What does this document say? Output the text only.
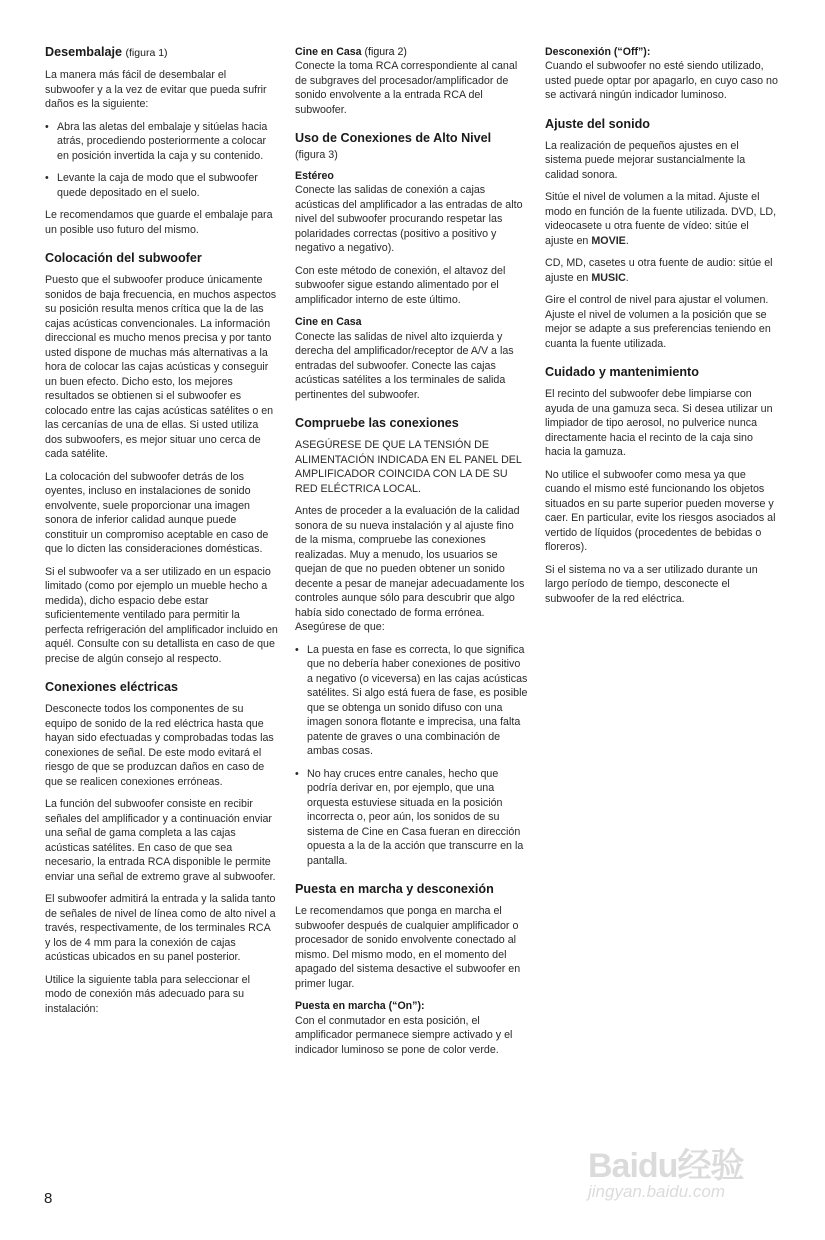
Desembalaje (figura 1)

La manera más fácil de desembalar el subwoofer y a la vez de evitar que pueda sufrir daños es la siguiente:

• Abra las aletas del embalaje y sitúelas hacia atrás, procediendo posteriormente a colocar en posición invertida la caja y su contenido.
• Levante la caja de modo que el subwoofer quede depositado en el suelo.

Le recomendamos que guarde el embalaje para un posible uso futuro del mismo.

Colocación del subwoofer

Puesto que el subwoofer produce únicamente sonidos de baja frecuencia, en muchos aspectos su posición resulta menos crítica que la de las cajas acústicas convencionales. La información direccional es mucho menos precisa y por tanto usted dispone de muchas más alternativas a la hora de colocar las cajas acústicas y conseguir un buen efecto. Dicho esto, los mejores resultados se obtienen si el subwoofer es colocado entre las cajas acústicas satélites o en las cercanías de una de ellas. Si usted utiliza dos subwoofers, es mejor situar uno cerca de cada satélite.

La colocación del subwoofer detrás de los oyentes, incluso en instalaciones de sonido envolvente, suele proporcionar una imagen sonora de inferior calidad aunque puede constituir un compromiso aceptable en caso de que lo dicten las consideraciones domésticas.

Si el subwoofer va a ser utilizado en un espacio limitado (como por ejemplo un mueble hecho a medida), dicho espacio debe estar suficientemente ventilado para permitir la perfecta refrigeración del amplificador incluido en aquél. Consulte con su detallista en caso de que precise de algún consejo al respecto.

Conexiones eléctricas

Desconecte todos los componentes de su equipo de sonido de la red eléctrica hasta que hayan sido efectuadas y comprobadas todas las conexiones de señal. De este modo evitará el riesgo de que se produzcan daños en caso de que se realicen conexiones erróneas.

La función del subwoofer consiste en recibir señales del amplificador y a continuación enviar una señal de gama completa a las cajas acústicas satélites. En caso de que sea necesario, la entrada RCA disponible le permite enviar una señal de extremo grave al subwoofer.

El subwoofer admitirá la entrada y la salida tanto de señales de nivel de línea como de alto nivel a través, respectivamente, de los terminales RCA y los de 4 mm para la conexión de cajas acústicas ubicados en su panel posterior.

Utilice la siguiente tabla para seleccionar el modo de conexión más adecuado para su instalación:

Cine en Casa (figura 2)

Conecte la toma RCA correspondiente al canal de subgraves del procesador/amplificador de sonido envolvente a la entrada RCA del subwoofer.

Uso de Conexiones de Alto Nivel

(figura 3)

Estéreo

Conecte las salidas de conexión a cajas acústicas del amplificador a las entradas de alto nivel del subwoofer procurando respetar las polaridades correctas (positivo a positivo y negativo a negativo).

Con este método de conexión, el altavoz del subwoofer sigue estando alimentado por el amplificador interno de este último.

Cine en Casa

Conecte las salidas de nivel alto izquierda y derecha del amplificador/receptor de A/V a las entradas del subwoofer. Conecte las cajas acústicas satélites a los terminales de salida pertinentes del subwoofer.

Compruebe las conexiones

ASEGÚRESE DE QUE LA TENSIÓN DE ALIMENTACIÓN INDICADA EN EL PANEL DEL AMPLIFICADOR COINCIDA CON LA DE SU RED ELÉCTRICA LOCAL.

Antes de proceder a la evaluación de la calidad sonora de su nueva instalación y al ajuste fino de la misma, compruebe las conexiones realizadas. Muy a menudo, los usuarios se quejan de que no pueden obtener un sonido decente a pesar de manejar adecuadamente los controles aunque sólo para descubrir que algo había sido conectado de forma errónea. Asegúrese de que:

• La puesta en fase es correcta, lo que significa que no debería haber conexiones de positivo a negativo (o viceversa) en las cajas acústicas satélites. Si algo está fuera de fase, es posible que se obtenga un sonido difuso con una imagen sonora flotante e imprecisa, una falta patente de graves o una combinación de ambas cosas.
• No hay cruces entre canales, hecho que podría derivar en, por ejemplo, que una orquesta estuviese situada en la posición incorrecta o, peor aún, los sonidos de su sistema de Cine en Casa fueran en dirección opuesta a la de la acción que transcurre en la pantalla.
Puesta en marcha y desconexión

Le recomendamos que ponga en marcha el subwoofer después de cualquier amplificador o procesador de sonido envolvente conectado al mismo. Del mismo modo, en el momento del apagado del sistema desactive el subwoofer en primer lugar.

Puesta en marcha (“On”):

Con el conmutador en esta posición, el amplificador permanece siempre activado y el indicador luminoso se pone de color verde.

Desconexión (“Off”):

Cuando el subwoofer no esté siendo utilizado, usted puede optar por apagarlo, en cuyo caso no se activará ningún indicador luminoso.

Ajuste del sonido

La realización de pequeños ajustes en el sistema puede mejorar sustancialmente la calidad sonora.

Sitúe el nivel de volumen a la mitad. Ajuste el modo en función de la fuente utilizada. DVD, LD, videocasete u otra fuente de vídeo: sitúe el ajuste en MOVIE.

CD, MD, casetes u otra fuente de audio: sitúe el ajuste en MUSIC.

Gire el control de nivel para ajustar el volumen. Ajuste el nivel de volumen a la posición que se mejor se adapte a sus preferencias teniendo en cuanta la fuente utilizada.

Cuidado y mantenimiento

El recinto del subwoofer debe limpiarse con ayuda de una gamuza seca. Si desea utilizar un limpiador de tipo aerosol, no pulverice nunca directamente hacia el recinto de la caja sino hacia la gamuza.

No utilice el subwoofer como mesa ya que cuando el mismo esté funcionando los objetos situados en su parte superior pueden moverse y caer. En particular, evite los riesgos asociados al vertido de líquidos (procedentes de bebidas o floreros).

Si el sistema no va a ser utilizado durante un largo período de tiempo, desconecte el subwoofer de la red eléctrica.

8
Baidu经验
jingyan.baidu.com
